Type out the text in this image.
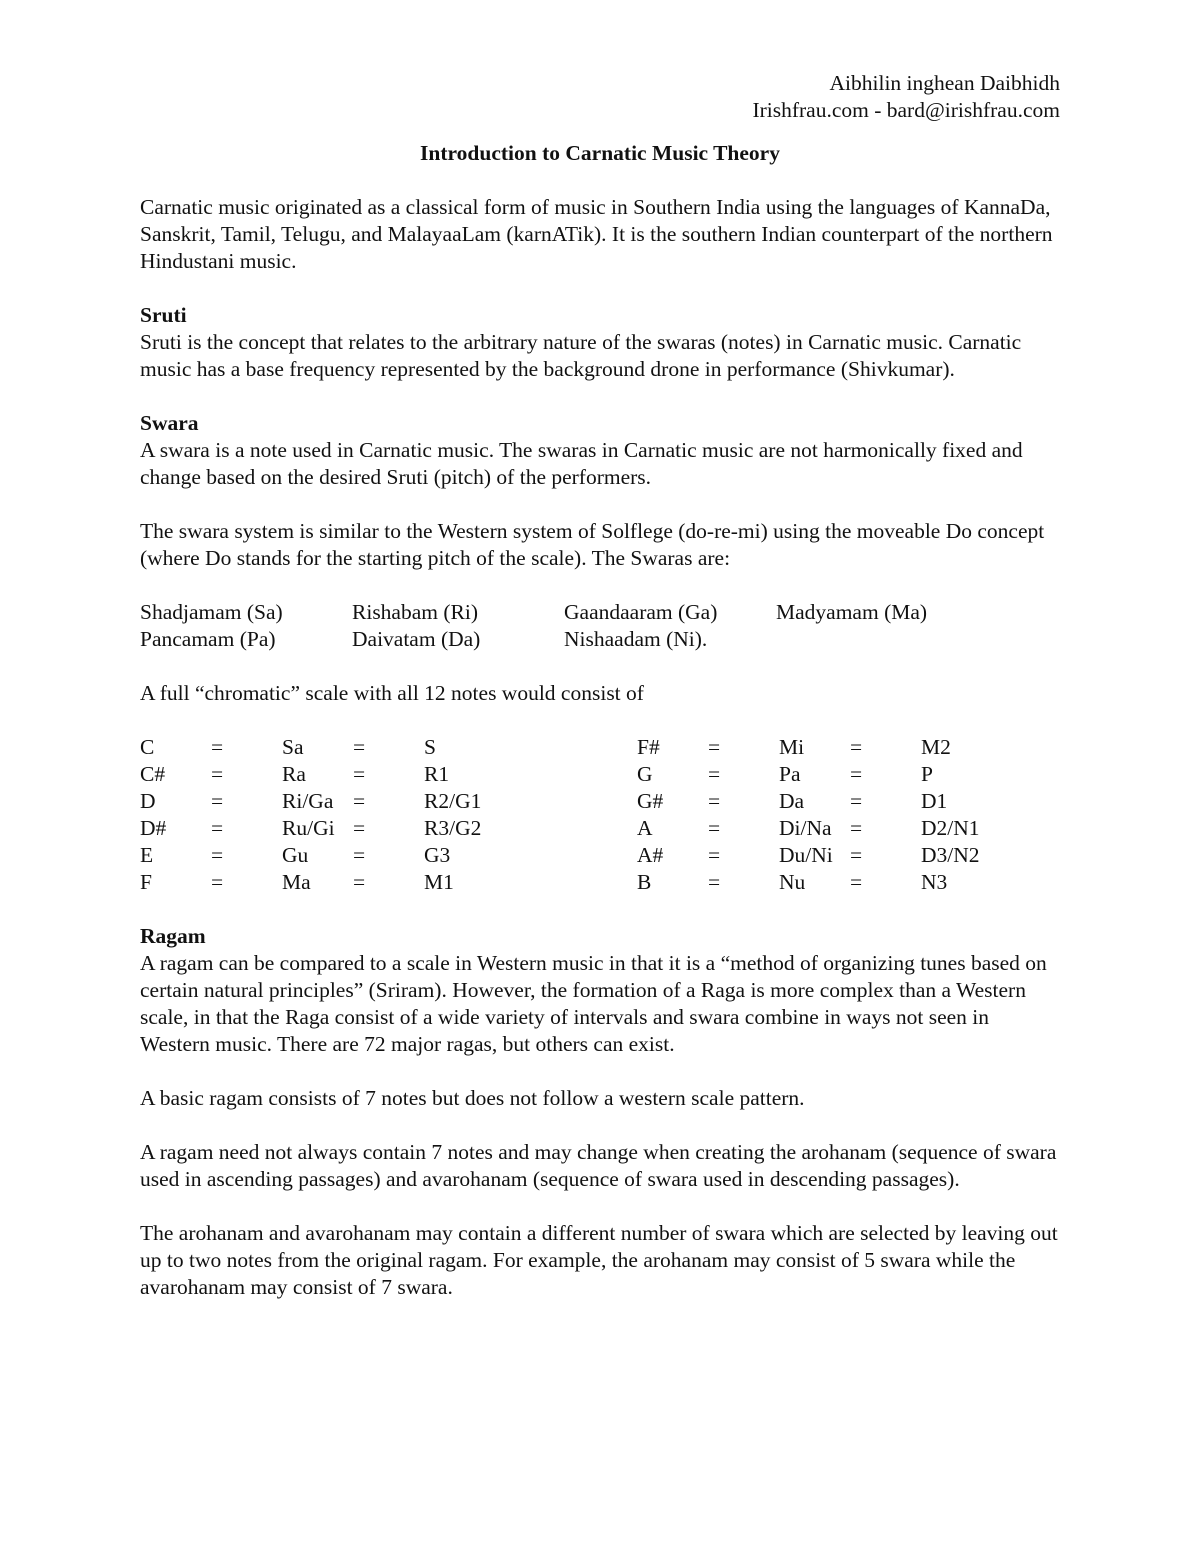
Aibhilin inghean Daibhidh
Irishfrau.com - bard@irishfrau.com
Introduction to Carnatic Music Theory

Carnatic music originated as a classical form of music in Southern India using the languages of KannaDa, Sanskrit, Tamil, Telugu, and MalayaaLam (karnATik). It is the southern Indian counterpart of the northern Hindustani music.

Sruti

Sruti is the concept that relates to the arbitrary nature of the swaras (notes) in Carnatic music. Carnatic music has a base frequency represented by the background drone in performance (Shivkumar).

Swara

A swara is a note used in Carnatic music. The swaras in Carnatic music are not harmonically fixed and change based on the desired Sruti (pitch) of the performers.

The swara system is similar to the Western system of Solflege (do-re-mi) using the moveable Do concept (where Do stands for the starting pitch of the scale). The Swaras are:

Shadjamam (Sa)	Rishabam (Ri)	Gaandaaram (Ga)	Madyamam (Ma)
Pancamam (Pa)	Daivatam (Da)	Nishaadam (Ni).

A full “chromatic” scale with all 12 notes would consist of

C	=	Sa	=	S	F#	=	Mi	=	M2
C#	=	Ra	=	R1	G	=	Pa	=	P
D	=	Ri/Ga =	R2/G1	G#	=	Da	=	D1
D#	=	Ru/Gi =	R3/G2	A	=	Di/Na =	D2/N1
E	=	Gu	=	G3	A#	=	Du/Ni =	D3/N2
F	=	Ma	=	M1	B	=	Nu	=	N3
Ragam

A ragam can be compared to a scale in Western music in that it is a “method of organizing tunes based on certain natural principles” (Sriram). However, the formation of a Raga is more complex than a Western scale, in that the Raga consist of a wide variety of intervals and swara combine in ways not seen in Western music. There are 72 major ragas, but others can exist.

A basic ragam consists of 7 notes but does not follow a western scale pattern.

A ragam need not always contain 7 notes and may change when creating the arohanam (sequence of swara used in ascending passages) and avarohanam (sequence of swara used in descending passages).

The arohanam and avarohanam may contain a different number of swara which are selected by leaving out up to two notes from the original ragam. For example, the arohanam may consist of 5 swara while the avarohanam may consist of 7 swara.
